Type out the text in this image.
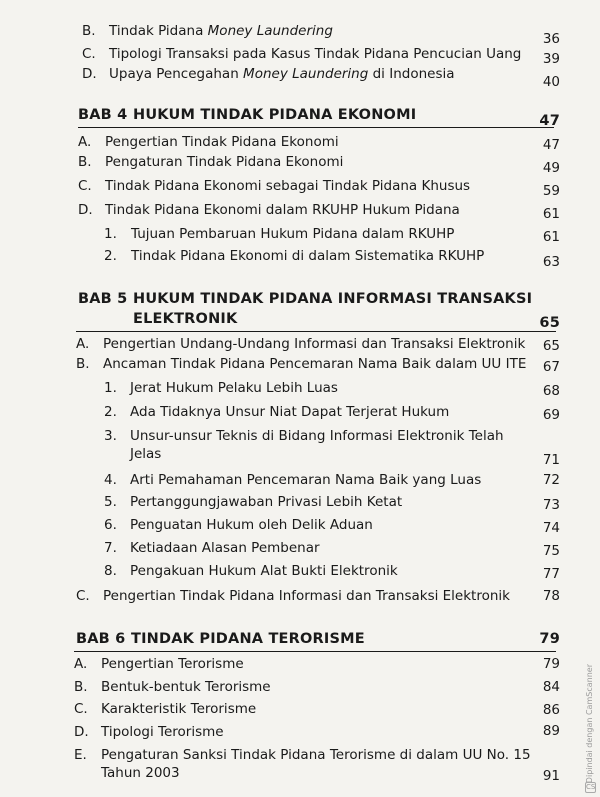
B. Tindak Pidana Money Laundering	36
C. Tipologi Transaksi pada Kasus Tindak Pidana Pencucian Uang 39
D. Upaya Pencegahan Money Laundering di Indonesia	40
BAB 4 HUKUM TINDAK PIDANA EKONOMI	47
A. Pengertian Tindak Pidana Ekonomi	47
B. Pengaturan Tindak Pidana Ekonomi	49
C. Tindak Pidana Ekonomi sebagai Tindak Pidana Khusus	59
D. Tindak Pidana Ekonomi dalam RKUHP Hukum Pidana	61
1. Tujuan Pembaruan Hukum Pidana dalam RKUHP	61
2. Tindak Pidana Ekonomi di dalam Sistematika RKUHP	63
BAB 5 HUKUM TINDAK PIDANA INFORMASI TRANSAKSI
ELEKTRONIK	65
A. Pengertian Undang-Undang Informasi dan Transaksi Elektronik 65
B. Ancaman Tindak Pidana Pencemaran Nama Baik dalam UU ITE 67
1. Jerat Hukum Pelaku Lebih Luas	68
2. Ada Tidaknya Unsur Niat Dapat Terjerat Hukum	69
3. Unsur-unsur Teknis di Bidang Informasi Elektronik Telah
Jelas	71
4. Arti Pemahaman Pencemaran Nama Baik yang Luas	72
5. Pertanggungjawaban Privasi Lebih Ketat	73
6. Penguatan Hukum oleh Delik Aduan	74
7. Ketiadaan Alasan Pembenar	75
8. Pengakuan Hukum Alat Bukti Elektronik	77
C. Pengertian Tindak Pidana Informasi dan Transaksi Elektronik 78
BAB 6 TINDAK PIDANA TERORISME	79
A. Pengertian Terorisme	79
B. Bentuk-bentuk Terorisme	84
C. Karakteristik Terorisme	86
D. Tipologi Terorisme	89
E. Pengaturan Sanksi Tindak Pidana Terorisme di dalam UU No. 15
Tahun 2003	91	Dipindai dengan CamScanner
CS
